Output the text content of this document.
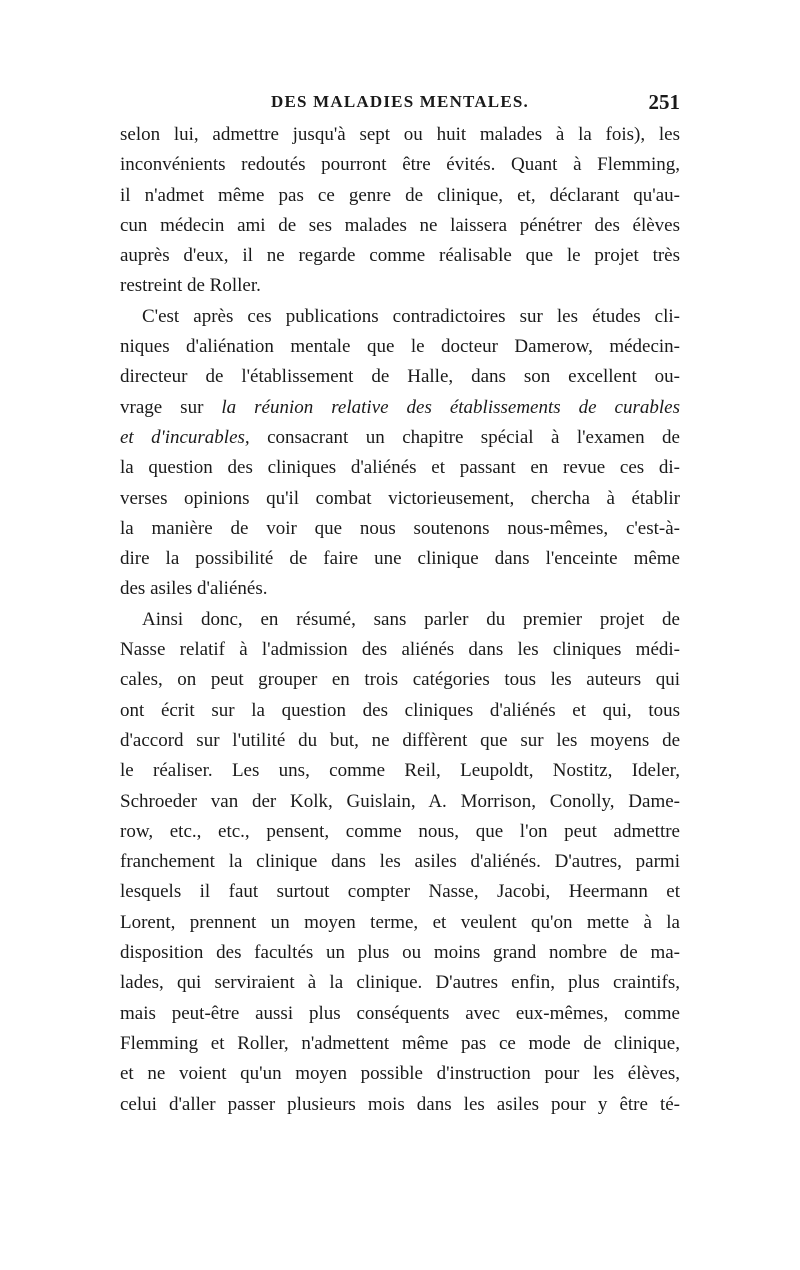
DES MALADIES MENTALES.	251
selon lui, admettre jusqu'à sept ou huit malades à la fois), les
inconvénients redoutés pourront être évités. Quant à Flemming,
il n'admet même pas ce genre de clinique, et, déclarant qu'au-
cun médecin ami de ses malades ne laissera pénétrer des élèves
auprès d'eux, il ne regarde comme réalisable que le projet très
restreint de Roller.
C'est après ces publications contradictoires sur les études cli-
niques d'aliénation mentale que le docteur Damerow, médecin-
directeur de l'établissement de Halle, dans son excellent ou-
vrage sur la réunion relative des établissements de curables
et d'incurables, consacrant un chapitre spécial à l'examen de
la question des cliniques d'aliénés et passant en revue ces di-
verses opinions qu'il combat victorieusement, chercha à établir
la manière de voir que nous soutenons nous-mêmes, c'est-à-
dire la possibilité de faire une clinique dans l'enceinte même
des asiles d'aliénés.
Ainsi donc, en résumé, sans parler du premier projet de
Nasse relatif à l'admission des aliénés dans les cliniques médi-
cales, on peut grouper en trois catégories tous les auteurs qui
ont écrit sur la question des cliniques d'aliénés et qui, tous
d'accord sur l'utilité du but, ne diffèrent que sur les moyens de
le réaliser. Les uns, comme Reil, Leupoldt, Nostitz, Ideler,
Schroeder van der Kolk, Guislain, A. Morrison, Conolly, Dame-
row, etc., etc., pensent, comme nous, que l'on peut admettre
franchement la clinique dans les asiles d'aliénés. D'autres, parmi
lesquels il faut surtout compter Nasse, Jacobi, Heermann et
Lorent, prennent un moyen terme, et veulent qu'on mette à la
disposition des facultés un plus ou moins grand nombre de ma-
lades, qui serviraient à la clinique. D'autres enfin, plus craintifs,
mais peut-être aussi plus conséquents avec eux-mêmes, comme
Flemming et Roller, n'admettent même pas ce mode de clinique,
et ne voient qu'un moyen possible d'instruction pour les élèves,
celui d'aller passer plusieurs mois dans les asiles pour y être té-
